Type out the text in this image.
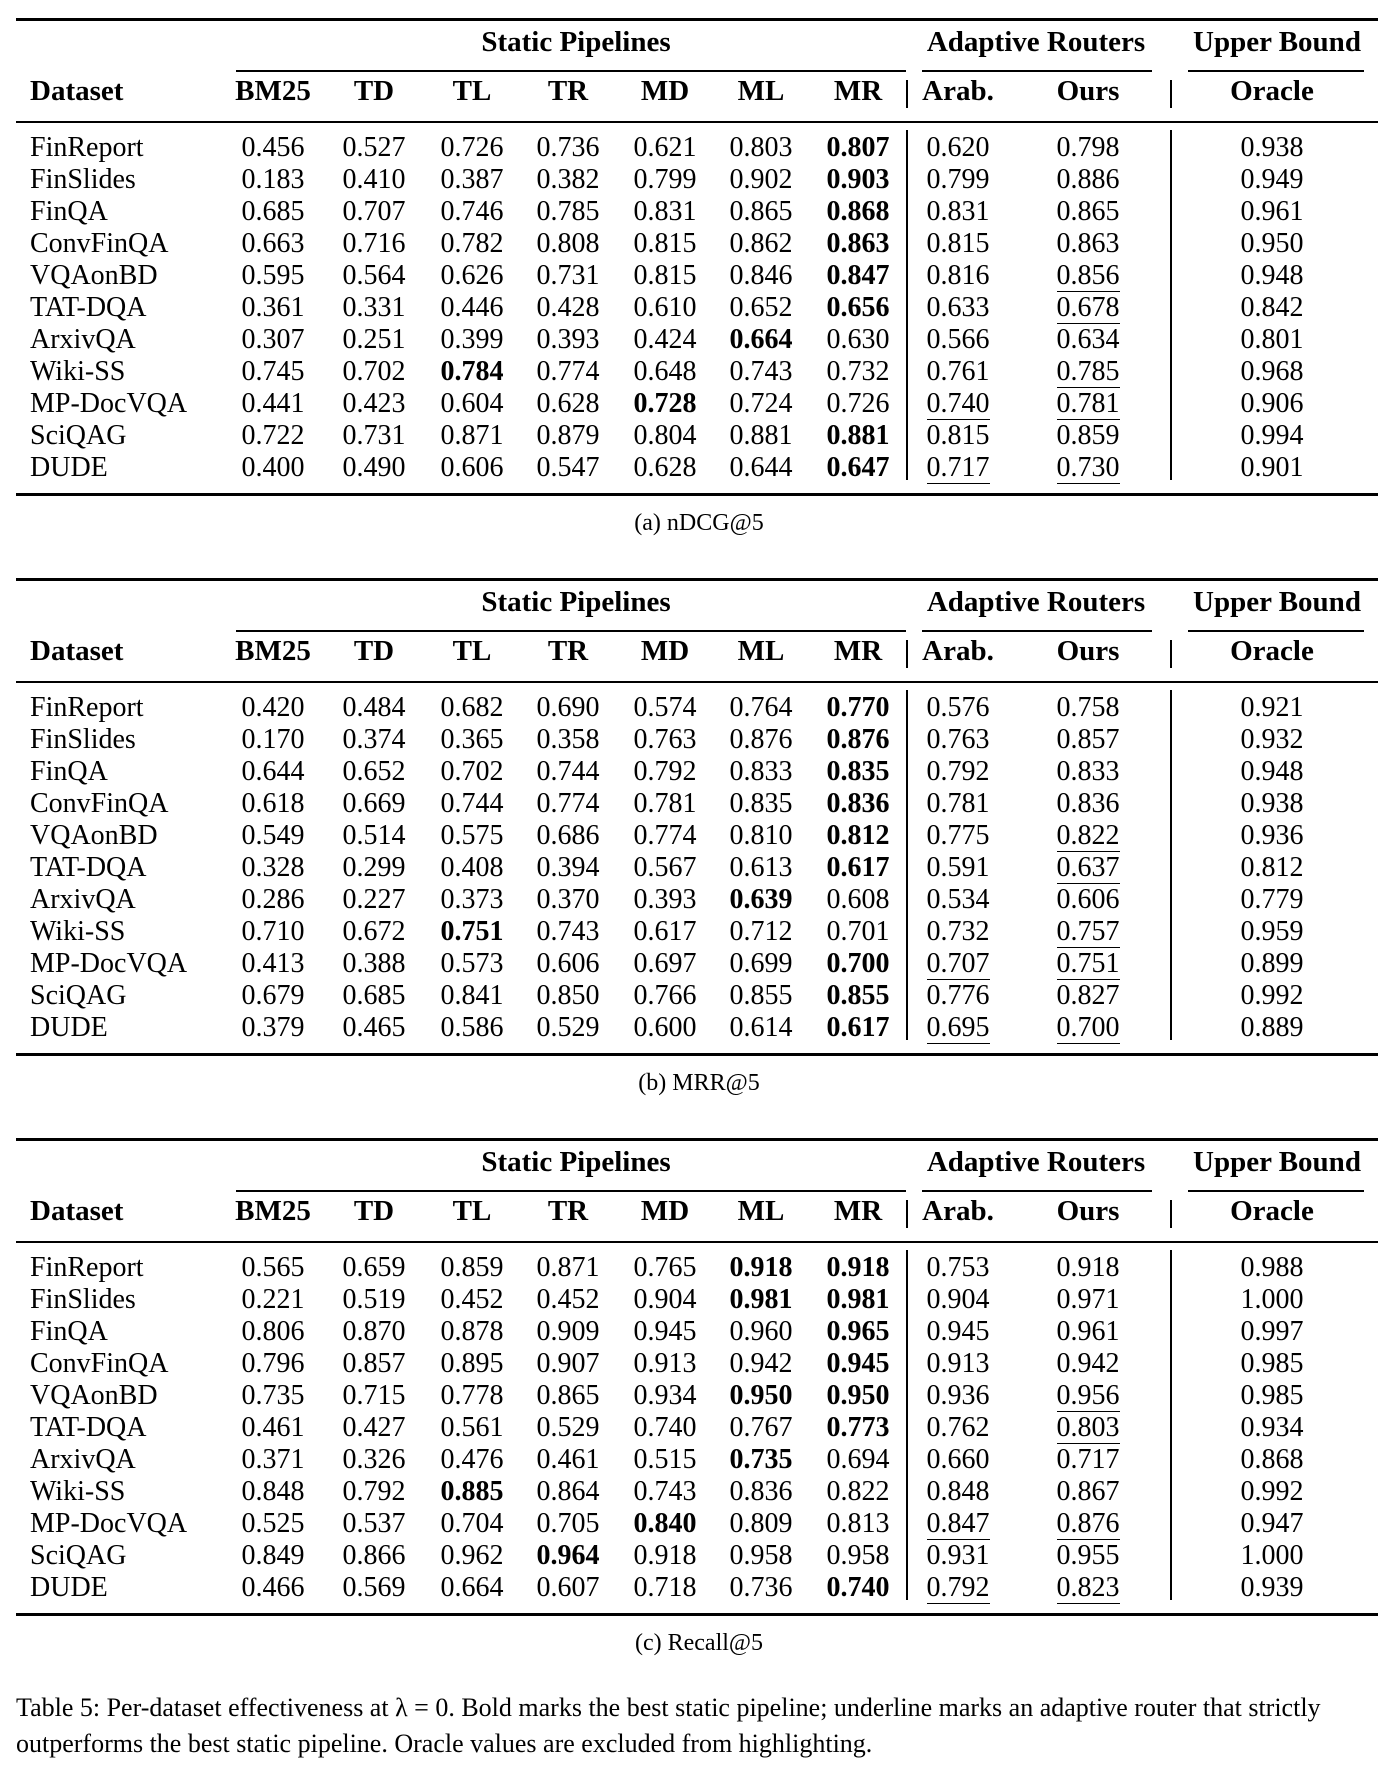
Static Pipelines	Adaptive Routers	Upper Bound
Dataset	BM25	TD	TL	TR	MD	ML	MR	Arab.	Ours	Oracle
FinReport	0.456	0.527	0.726	0.736	0.621	0.803	0.807	0.620	0.798	0.938
FinSlides	0.183	0.410	0.387	0.382	0.799	0.902	0.903	0.799	0.886	0.949
FinQA	0.685	0.707	0.746	0.785	0.831	0.865	0.868	0.831	0.865	0.961
ConvFinQA	0.663	0.716	0.782	0.808	0.815	0.862	0.863	0.815	0.863	0.950
VQAonBD	0.595	0.564	0.626	0.731	0.815	0.846	0.847	0.816	0.856	0.948
TAT-DQA	0.361	0.331	0.446	0.428	0.610	0.652	0.656	0.633	0.678	0.842
ArxivQA	0.307	0.251	0.399	0.393	0.424	0.664	0.630	0.566	0.634	0.801
Wiki-SS	0.745	0.702	0.784	0.774	0.648	0.743	0.732	0.761	0.785	0.968
MP-DocVQA	0.441	0.423	0.604	0.628	0.728	0.724	0.726	0.740	0.781	0.906
SciQAG	0.722	0.731	0.871	0.879	0.804	0.881	0.881	0.815	0.859	0.994
DUDE	0.400	0.490	0.606	0.547	0.628	0.644	0.647	0.717	0.730	0.901
(a) nDCG@5
Static Pipelines	Adaptive Routers	Upper Bound
Dataset	BM25	TD	TL	TR	MD	ML	MR	Arab.	Ours	Oracle
FinReport	0.420	0.484	0.682	0.690	0.574	0.764	0.770	0.576	0.758	0.921
FinSlides	0.170	0.374	0.365	0.358	0.763	0.876	0.876	0.763	0.857	0.932
FinQA	0.644	0.652	0.702	0.744	0.792	0.833	0.835	0.792	0.833	0.948
ConvFinQA	0.618	0.669	0.744	0.774	0.781	0.835	0.836	0.781	0.836	0.938
VQAonBD	0.549	0.514	0.575	0.686	0.774	0.810	0.812	0.775	0.822	0.936
TAT-DQA	0.328	0.299	0.408	0.394	0.567	0.613	0.617	0.591	0.637	0.812
ArxivQA	0.286	0.227	0.373	0.370	0.393	0.639	0.608	0.534	0.606	0.779
Wiki-SS	0.710	0.672	0.751	0.743	0.617	0.712	0.701	0.732	0.757	0.959
MP-DocVQA	0.413	0.388	0.573	0.606	0.697	0.699	0.700	0.707	0.751	0.899
SciQAG	0.679	0.685	0.841	0.850	0.766	0.855	0.855	0.776	0.827	0.992
DUDE	0.379	0.465	0.586	0.529	0.600	0.614	0.617	0.695	0.700	0.889
(b) MRR@5
Static Pipelines	Adaptive Routers	Upper Bound
Dataset	BM25	TD	TL	TR	MD	ML	MR	Arab.	Ours	Oracle
FinReport	0.565	0.659	0.859	0.871	0.765	0.918	0.918	0.753	0.918	0.988
FinSlides	0.221	0.519	0.452	0.452	0.904	0.981	0.981	0.904	0.971	1.000
FinQA	0.806	0.870	0.878	0.909	0.945	0.960	0.965	0.945	0.961	0.997
ConvFinQA	0.796	0.857	0.895	0.907	0.913	0.942	0.945	0.913	0.942	0.985
VQAonBD	0.735	0.715	0.778	0.865	0.934	0.950	0.950	0.936	0.956	0.985
TAT-DQA	0.461	0.427	0.561	0.529	0.740	0.767	0.773	0.762	0.803	0.934
ArxivQA	0.371	0.326	0.476	0.461	0.515	0.735	0.694	0.660	0.717	0.868
Wiki-SS	0.848	0.792	0.885	0.864	0.743	0.836	0.822	0.848	0.867	0.992
MP-DocVQA	0.525	0.537	0.704	0.705	0.840	0.809	0.813	0.847	0.876	0.947
SciQAG	0.849	0.866	0.962	0.964	0.918	0.958	0.958	0.931	0.955	1.000
DUDE	0.466	0.569	0.664	0.607	0.718	0.736	0.740	0.792	0.823	0.939
(c) Recall@5
Table 5: Per-dataset effectiveness at λ = 0. Bold marks the best static pipeline; underline marks an adaptive router that strictly outperforms the best static pipeline. Oracle values are excluded from highlighting.
